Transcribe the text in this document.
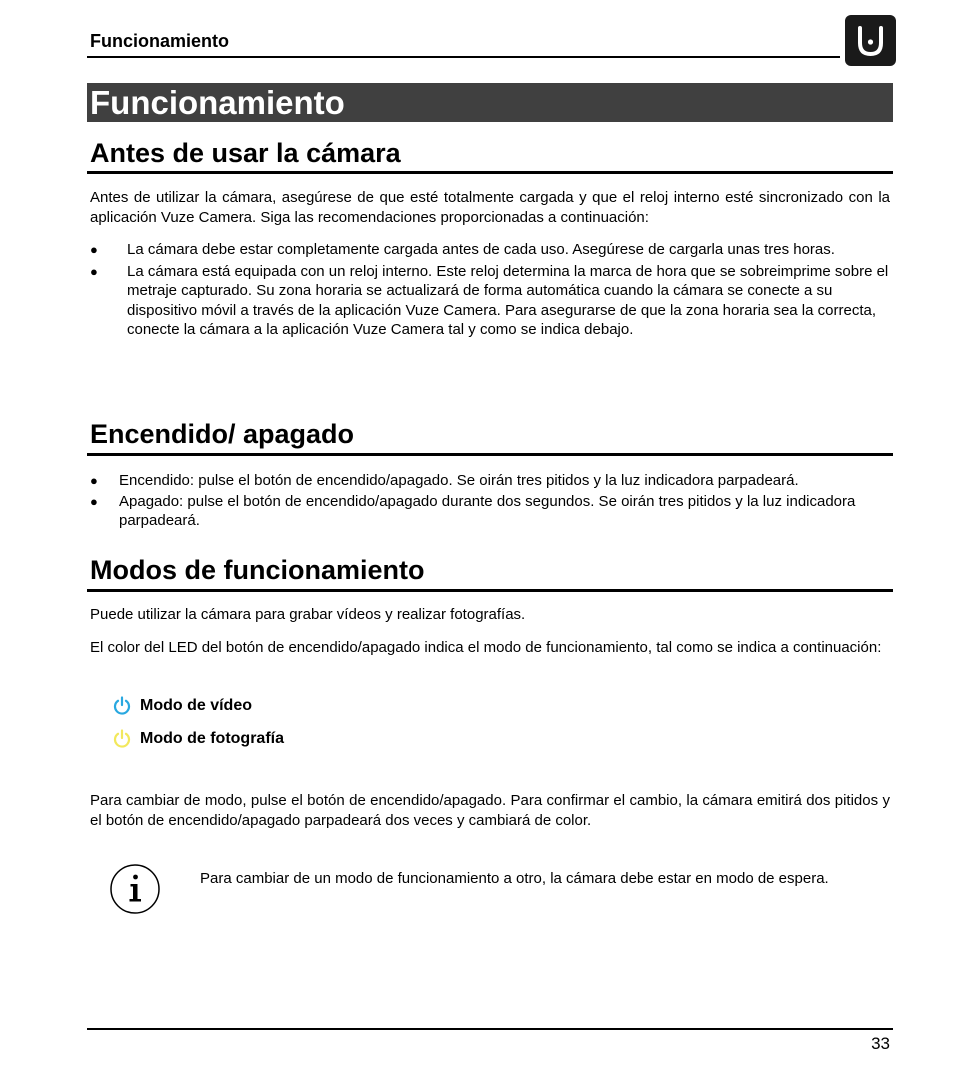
Funcionamiento
Funcionamiento
Antes de usar la cámara
Antes de utilizar la cámara, asegúrese de que esté totalmente cargada y que el reloj interno esté sincronizado con la aplicación Vuze Camera. Siga las recomendaciones proporcionadas a continuación:
● La cámara debe estar completamente cargada antes de cada uso. Asegúrese de cargarla unas tres horas.
● La cámara está equipada con un reloj interno. Este reloj determina la marca de hora que se sobreimprime sobre el metraje capturado. Su zona horaria se actualizará de forma automática cuando la cámara se conecte a su dispositivo móvil a través de la aplicación Vuze Camera. Para asegurarse de que la zona horaria sea la correcta, conecte la cámara a la aplicación Vuze Camera tal y como se indica debajo.
Encendido/ apagado
● Encendido: pulse el botón de encendido/apagado. Se oirán tres pitidos y la luz indicadora parpadeará.
● Apagado: pulse el botón de encendido/apagado durante dos segundos. Se oirán tres pitidos y la luz indicadora parpadeará.
Modos de funcionamiento
Puede utilizar la cámara para grabar vídeos y realizar fotografías.
El color del LED del botón de encendido/apagado indica el modo de funcionamiento, tal como se indica a continuación:
Modo de vídeo
Modo de fotografía
Para cambiar de modo, pulse el botón de encendido/apagado. Para confirmar el cambio, la cámara emitirá dos pitidos y el botón de encendido/apagado parpadeará dos veces y cambiará de color.
Para cambiar de un modo de funcionamiento a otro, la cámara debe estar en modo de espera.
33
